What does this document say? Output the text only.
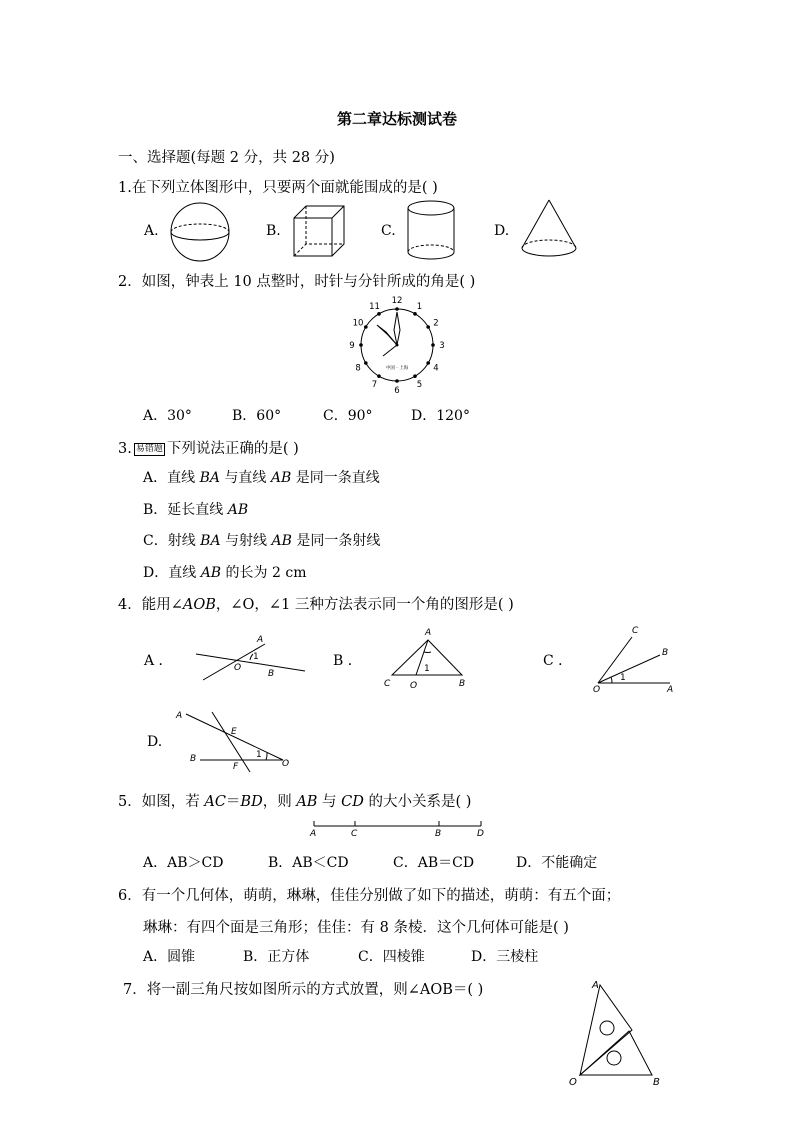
第二章达标测试卷
一、选择题(每题 2 分，共 28 分)
1.在下列立体图形中，只要两个面就能围成的是( )
A.	B.	C.	D.
2．如图，钟表上 10 点整时，时针与分针所成的角是( )
12
1
2
3
4
5
6
7
8
9
10
11
中国 · 上海
A．30°	B．60°	C．90°	D．120°
3. 易错题 下列说法正确的是( )
A．直线 BA 与直线 AB 是同一条直线
B．延长直线 AB
C．射线 BA 与射线 AB 是同一条射线
D．直线 AB 的长为 2 cm
4．能用∠AOB，∠O，∠1 三种方法表示同一个角的图形是( )
A ．	B ．	C ．
D.
A
1
O
B
A
1
C O	B
C
B
1
O	A
A
E
B	1
F	O
5．如图，若 AC＝BD，则 AB 与 CD 的大小关系是( )
A	C	B	D
A．AB＞CD	B．AB＜CD	C．AB＝CD	D．不能确定
6．有一个几何体，萌萌，琳琳，佳佳分别做了如下的描述，萌萌：有五个面；
琳琳：有四个面是三角形；佳佳：有 8 条棱．这个几何体可能是( )
A．圆锥	B．正方体	C．四棱锥	D．三棱柱
7．将一副三角尺按如图所示的方式放置，则∠AOB＝( )	A
O	B
